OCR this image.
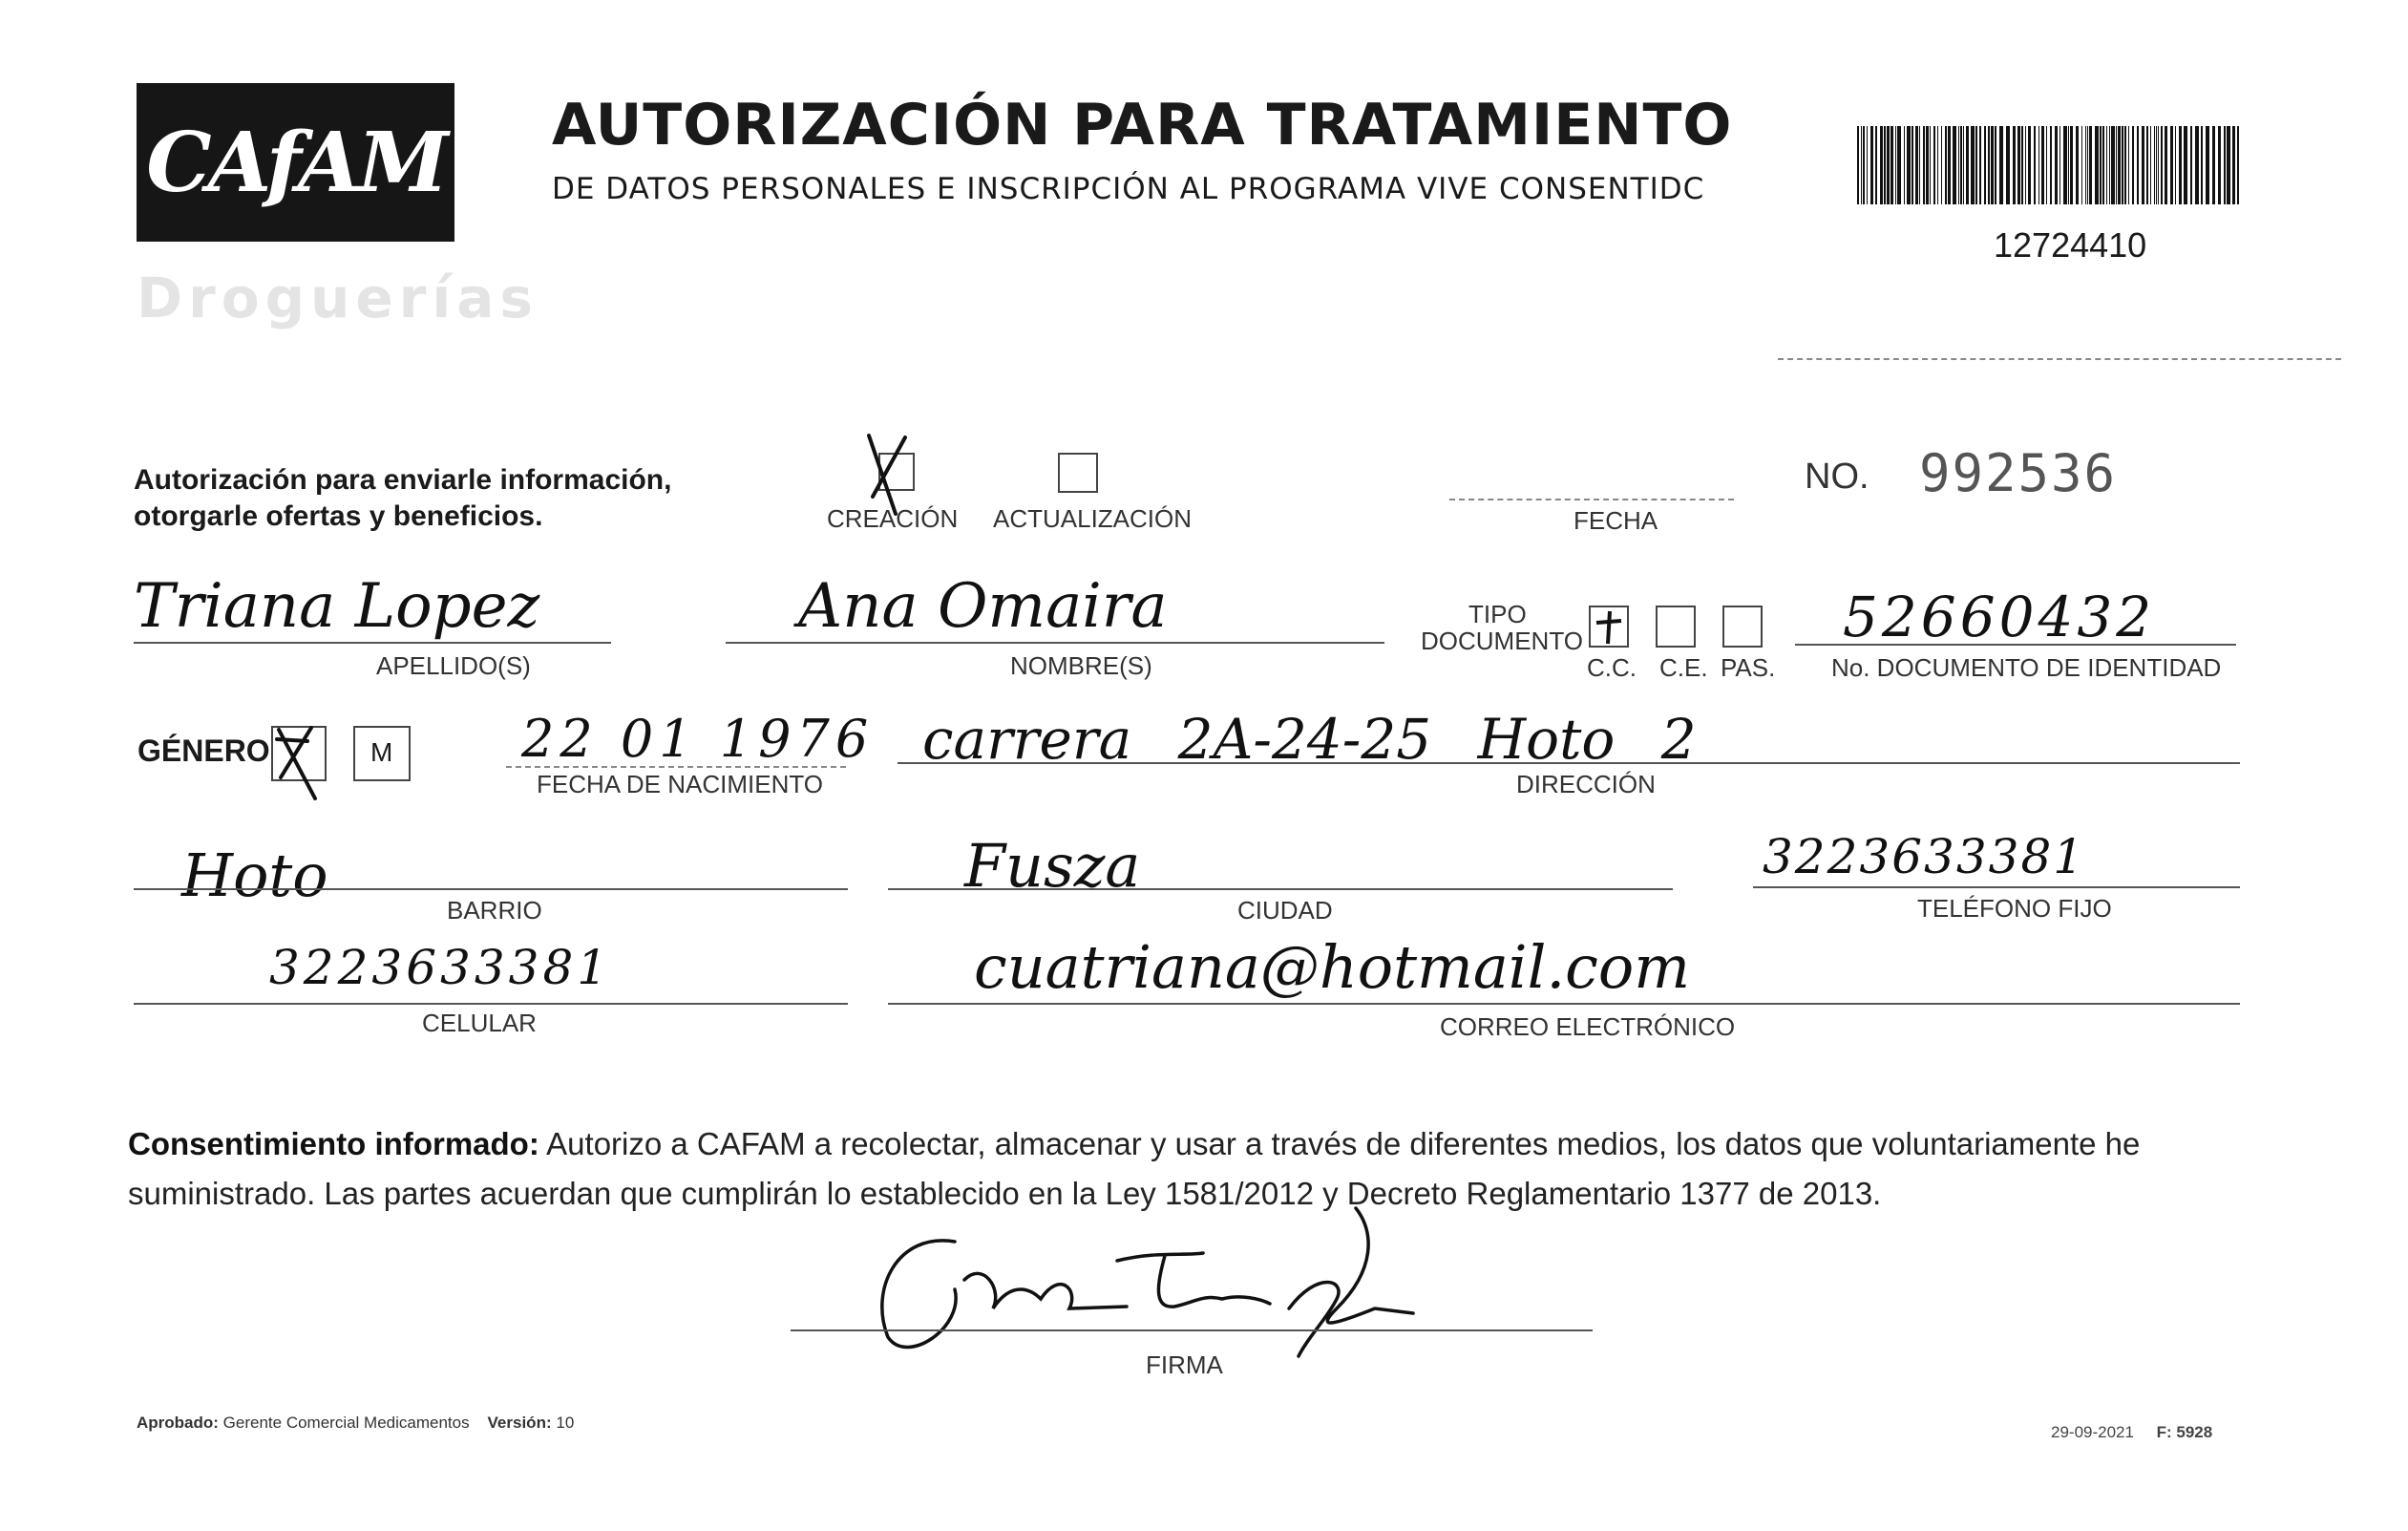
CAfAM
Droguerías
AUTORIZACIÓN PARA TRATAMIENTO
DE DATOS PERSONALES E INSCRIPCIÓN AL PROGRAMA VIVE CONSENTIDC
12724410
Autorización para enviarle información,
otorgarle ofertas y beneficios.	CREACIÓN ACTUALIZACIÓN	FECHA
NO. 992536
Triana Lopez
APELLIDO(S)
Ana Omaira
NOMBRE(S)
TIPO
DOCUMENTO
C.C. C.E. PAS.
52660432
No. DOCUMENTO DE IDENTIDAD
GÉNERO	M 22 01 1976
FECHA DE NACIMIENTO
carrera 2A-24-25 Hoto 2
DIRECCIÓN
Hoto	BARRIO
Fusza
CIUDAD
3223633381
TELÉFONO FIJO
3223633381
CELULAR
cuatriana@hotmail.com
CORREO ELECTRÓNICO
Consentimiento informado: Autorizo a CAFAM a recolectar, almacenar y usar a través de diferentes medios, los datos que voluntariamente he suministrado. Las partes acuerdan que cumplirán lo establecido en la Ley 1581/2012 y Decreto Reglamentario 1377 de 2013.
FIRMA
Aprobado: Gerente Comercial Medicamentos Versión: 10
29-09-2021 F: 5928
